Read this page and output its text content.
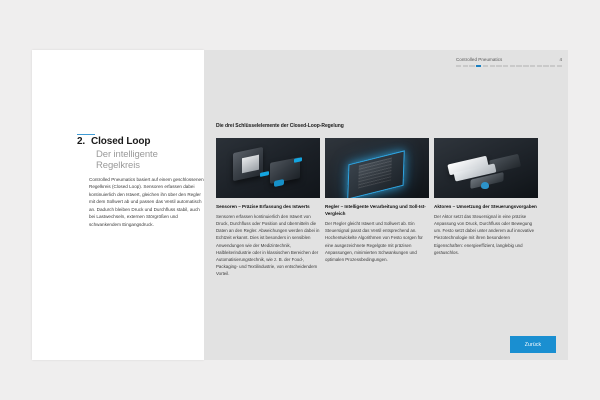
2. Closed Loop
Der intelligente Regelkreis
Controlled Pneumatics basiert auf einem geschlossenen Regelkreis (Closed Loop). Sensoren erfassen dabei kontinuierlich den Istwert, gleichen ihn über den Regler mit dem Sollwert ab und passen das Ventil automatisch an. Dadurch bleiben Druck und Durchfluss stabil, auch bei Lastwechseln, externen Störgrößen und schwankendem Eingangsdruck.
Controlled Pneumatics	4
Die drei Schlüsselelemente der Closed-Loop-Regelung
Sensoren – Präzise Erfassung des Istwerts
Sensoren erfassen kontinuierlich den Istwert von Druck, Durchfluss oder Position und übermitteln die Daten an den Regler. Abweichungen werden dabei in Echtzeit erkannt. Dies ist besonders in sensiblen Anwendungen wie der Medizintechnik, Halbleiterindustrie oder in klassischen Bereichen der Automatisierungstechnik, wie z. B. der Food-, Packaging- und Textilindustrie, von entscheidendem Vorteil.
Regler – Intelligente Verarbeitung und Soll-Ist-Vergleich
Der Regler gleicht Istwert und Sollwert ab. Ein Steuersignal passt das Ventil entsprechend an. Hochentwickelte Algorithmen von Festo sorgen für eine ausgezeichnete Regelgüte mit präzisen Anpassungen, minimierten Schwankungen und optimalen Prozessbedingungen.
Aktoren – Umsetzung der Steuerungsvorgaben
Der Aktor setzt das Steuersignal in eine präzise Anpassung von Druck, Durchfluss oder Bewegung um. Festo setzt dabei unter anderem auf innovative Piezotechnologie mit ihren besonderen Eigenschaften: energieeffizient, langlebig und geräuschlos.
Zurück
